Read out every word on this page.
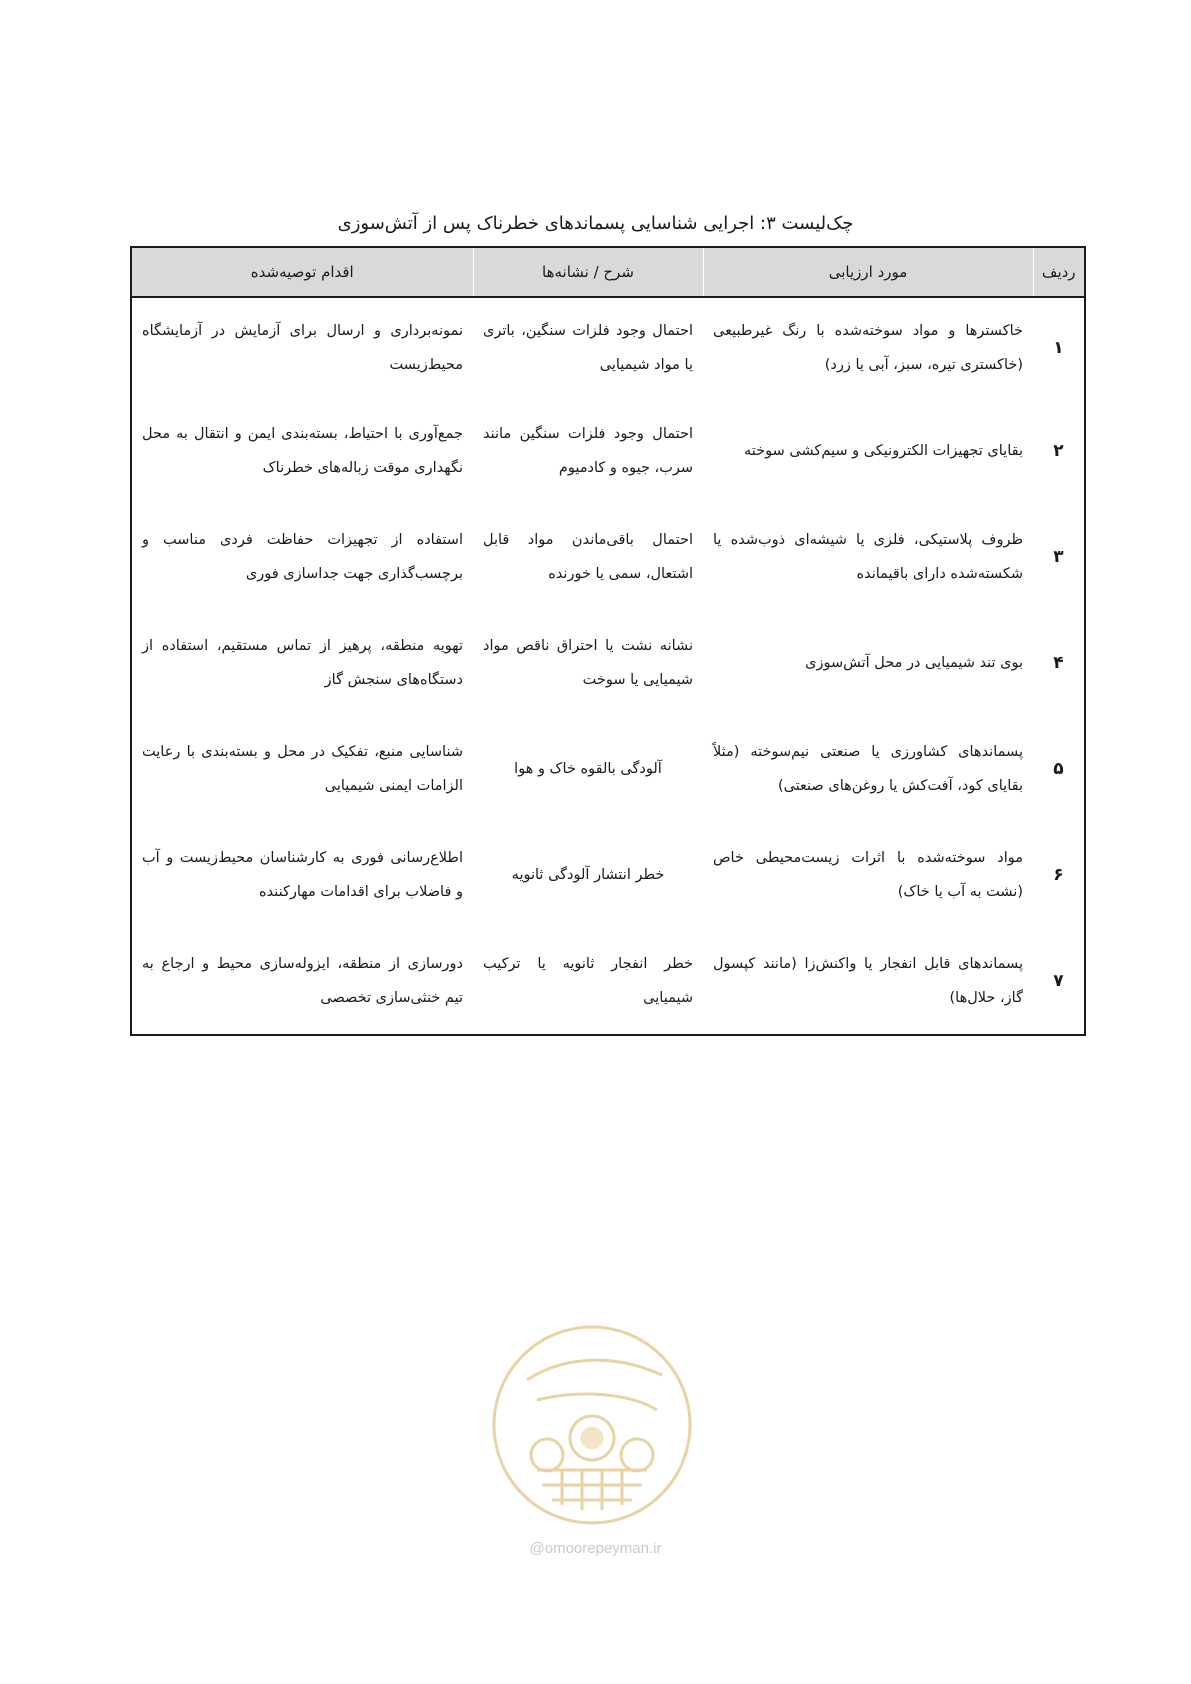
چک‌لیست ۳: اجرایی شناسایی پسماندهای خطرناک پس از آتش‌سوزی
ردیف	مورد ارزیابی	شرح / نشانه‌ها	اقدام توصیه‌شده
۱	خاکسترها و مواد سوخته‌شده با رنگ غیرطبیعی (خاکستری تیره، سبز، آبی یا زرد)	احتمال وجود فلزات سنگین، باتری یا مواد شیمیایی	نمونه‌برداری و ارسال برای آزمایش در آزمایشگاه محیط‌زیست
۲	بقایای تجهیزات الکترونیکی و سیم‌کشی سوخته	احتمال وجود فلزات سنگین مانند سرب، جیوه و کادمیوم	جمع‌آوری با احتیاط، بسته‌بندی ایمن و انتقال به محل نگهداری موقت زباله‌های خطرناک
۳	ظروف پلاستیکی، فلزی یا شیشه‌ای ذوب‌شده یا شکسته‌شده دارای باقیمانده	احتمال باقی‌ماندن مواد قابل اشتعال، سمی یا خورنده	استفاده از تجهیزات حفاظت فردی مناسب و برچسب‌گذاری جهت جداسازی فوری
۴	بوی تند شیمیایی در محل آتش‌سوزی	نشانه نشت یا احتراق ناقص مواد شیمیایی یا سوخت	تهویه منطقه، پرهیز از تماس مستقیم، استفاده از دستگاه‌های سنجش گاز
۵	پسماندهای کشاورزی یا صنعتی نیم‌سوخته (مثلاً بقایای کود، آفت‌کش یا روغن‌های صنعتی)	آلودگی بالقوه خاک و هوا	شناسایی منبع، تفکیک در محل و بسته‌بندی با رعایت الزامات ایمنی شیمیایی
۶	مواد سوخته‌شده با اثرات زیست‌محیطی خاص (نشت به آب یا خاک)	خطر انتشار آلودگی ثانویه	اطلاع‌رسانی فوری به کارشناسان محیط‌زیست و آب و فاضلاب برای اقدامات مهارکننده
۷	پسماندهای قابل انفجار یا واکنش‌زا (مانند کپسول گاز، حلال‌ها)	خطر انفجار ثانویه یا ترکیب شیمیایی	دورسازی از منطقه، ایزوله‌سازی محیط و ارجاع به تیم خنثی‌سازی تخصصی
@omoorepeyman.ir
